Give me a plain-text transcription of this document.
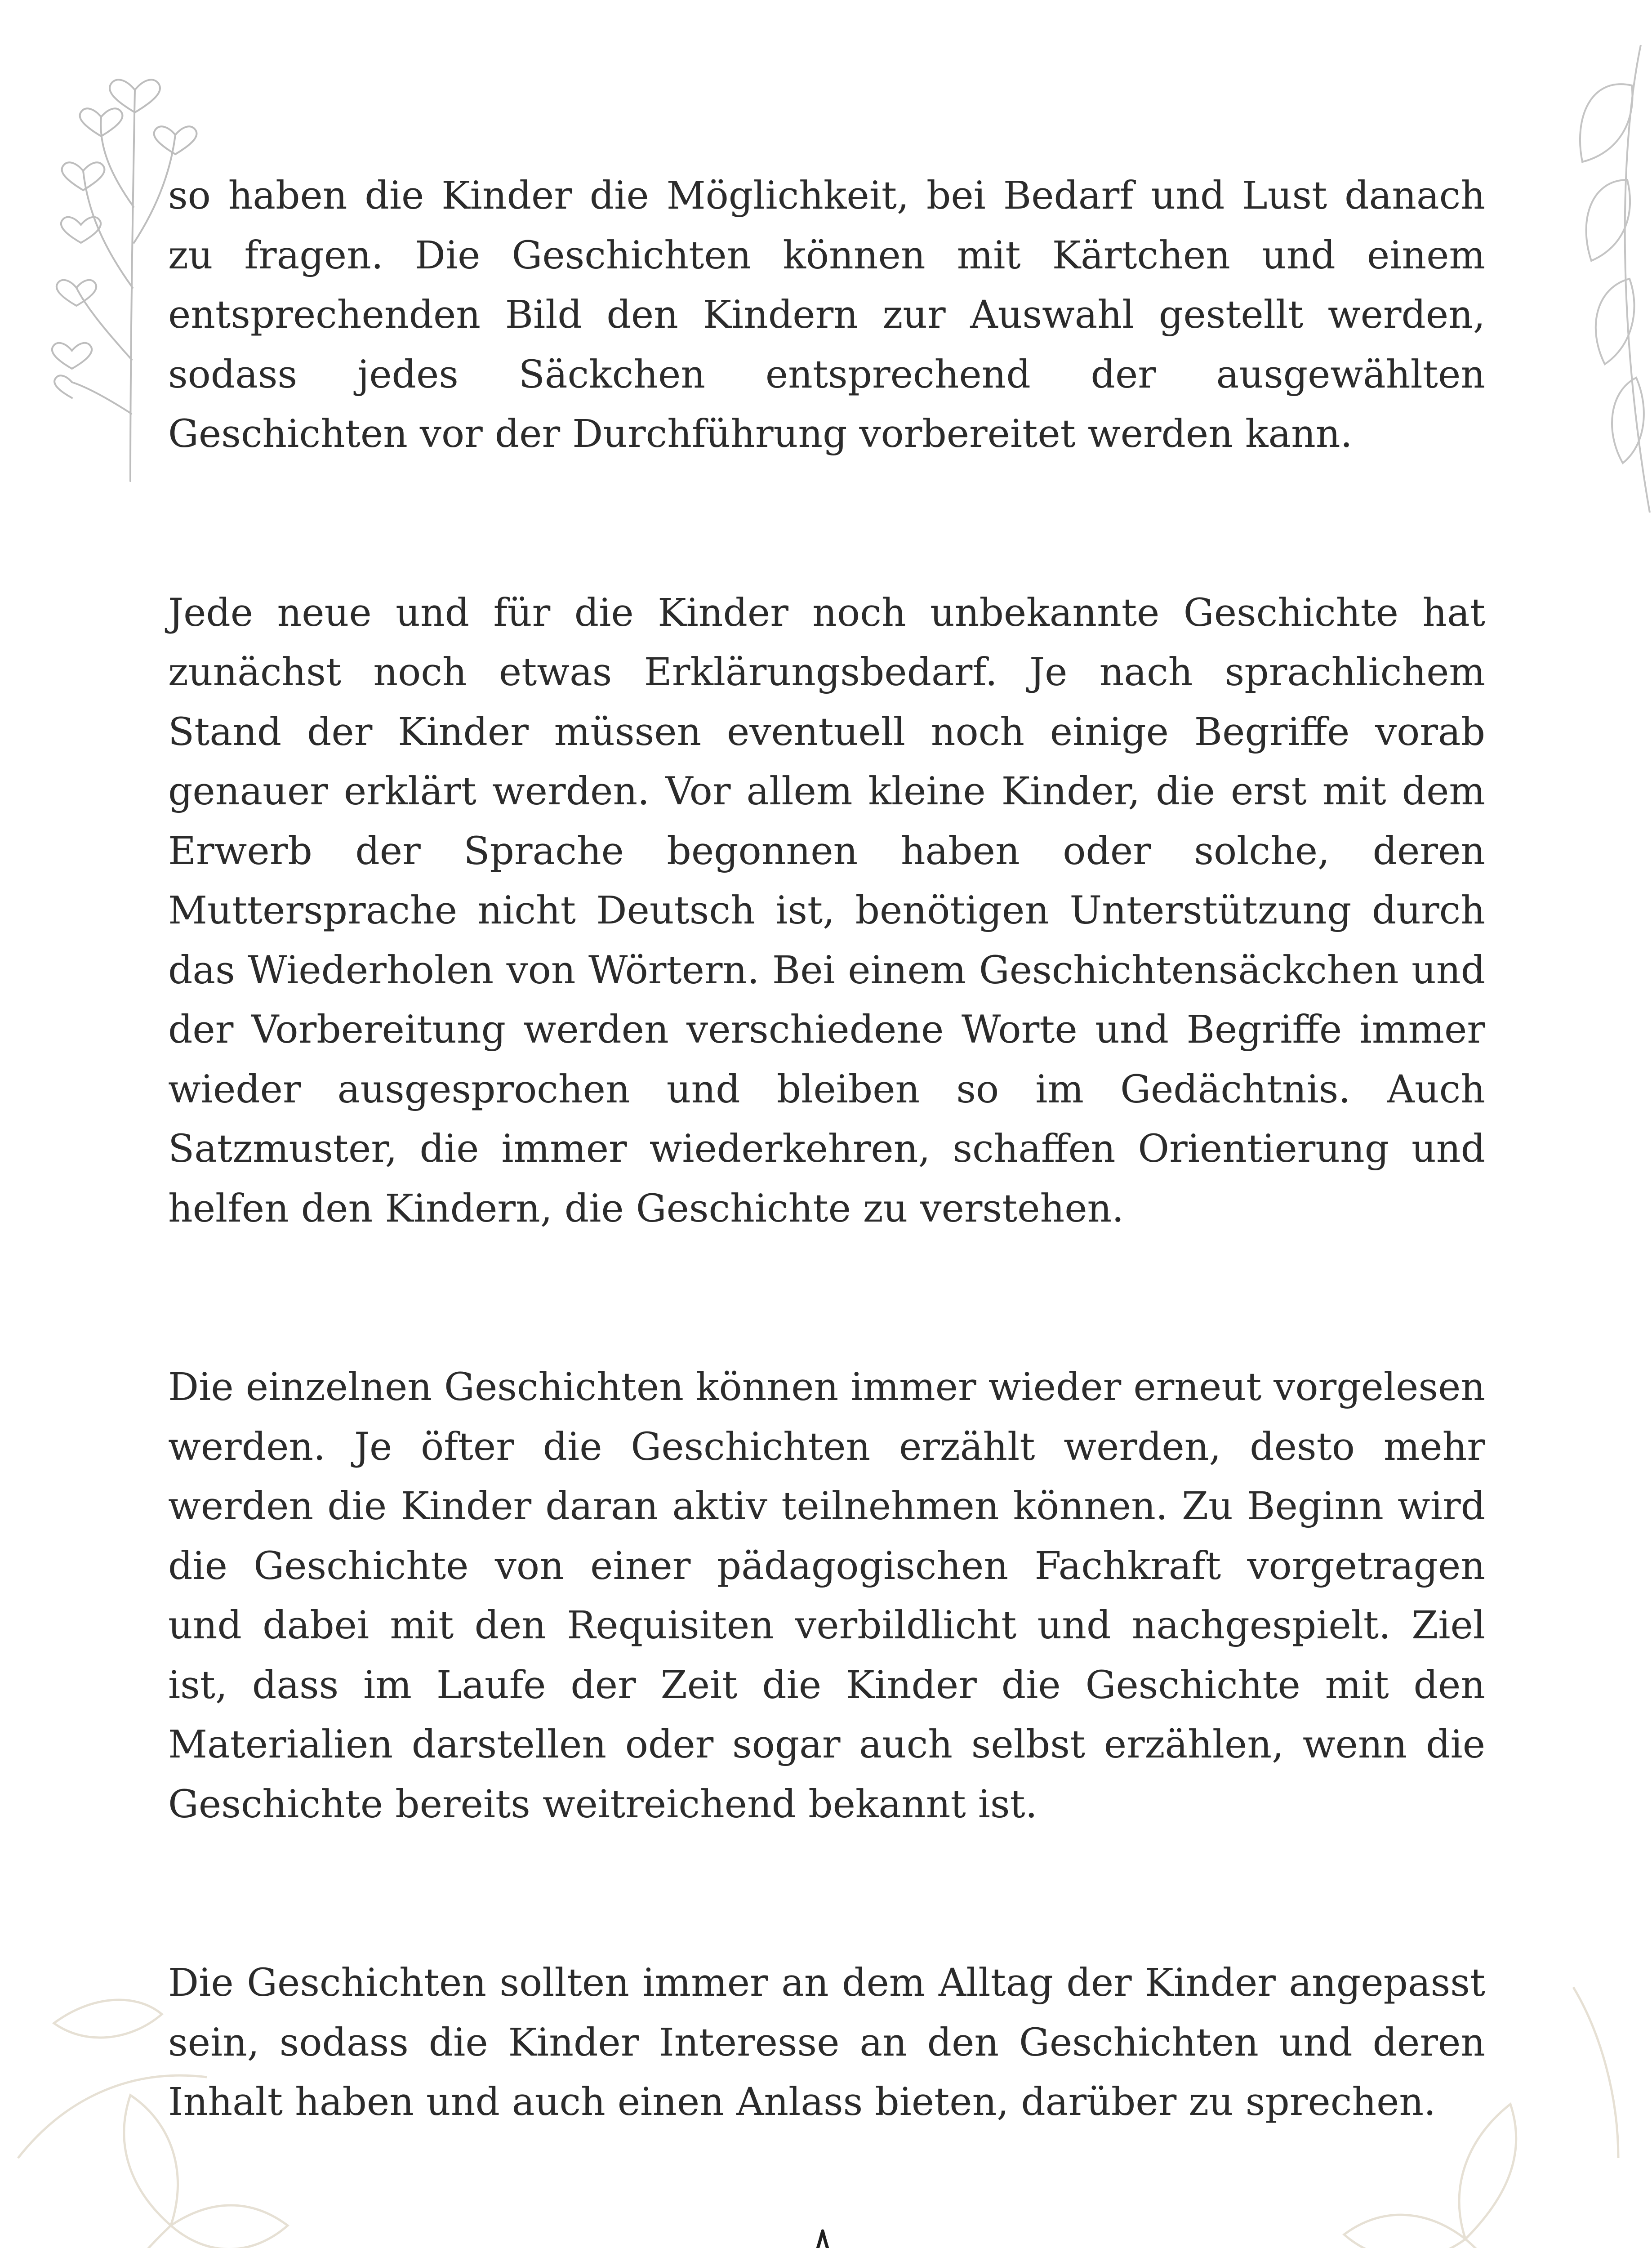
so haben die Kinder die Möglichkeit, bei Bedarf und Lust danach zu fragen. Die Geschichten können mit Kärtchen und einem entsprechenden Bild den Kindern zur Auswahl gestellt werden, sodass jedes Säckchen entsprechend der ausgewählten Geschichten vor der Durchführung vorbereitet werden kann.

Jede neue und für die Kinder noch unbekannte Geschichte hat zunächst noch etwas Erklärungsbedarf. Je nach sprachlichem Stand der Kinder müssen eventuell noch einige Begriffe vorab genauer erklärt werden. Vor allem kleine Kinder, die erst mit dem Erwerb der Sprache begonnen haben oder solche, deren Muttersprache nicht Deutsch ist, benötigen Unterstützung durch das Wiederholen von Wörtern. Bei einem Geschichtensäckchen und der Vorbereitung werden verschiedene Worte und Begriffe immer wieder ausgesprochen und bleiben so im Gedächtnis. Auch Satzmuster, die immer wiederkehren, schaffen Orientierung und helfen den Kindern, die Geschichte zu verstehen.

Die einzelnen Geschichten können immer wieder erneut vorgelesen werden. Je öfter die Geschichten erzählt werden, desto mehr werden die Kinder daran aktiv teilnehmen können. Zu Beginn wird die Geschichte von einer pädagogischen Fachkraft vorgetragen und dabei mit den Requisiten verbildlicht und nachgespielt. Ziel ist, dass im Laufe der Zeit die Kinder die Geschichte mit den Materialien darstellen oder sogar auch selbst erzählen, wenn die Geschichte bereits weitreichend bekannt ist.

Die Geschichten sollten immer an dem Alltag der Kinder angepasst sein, sodass die Kinder Interesse an den Geschichten und deren Inhalt haben und auch einen Anlass bieten, darüber zu sprechen.
